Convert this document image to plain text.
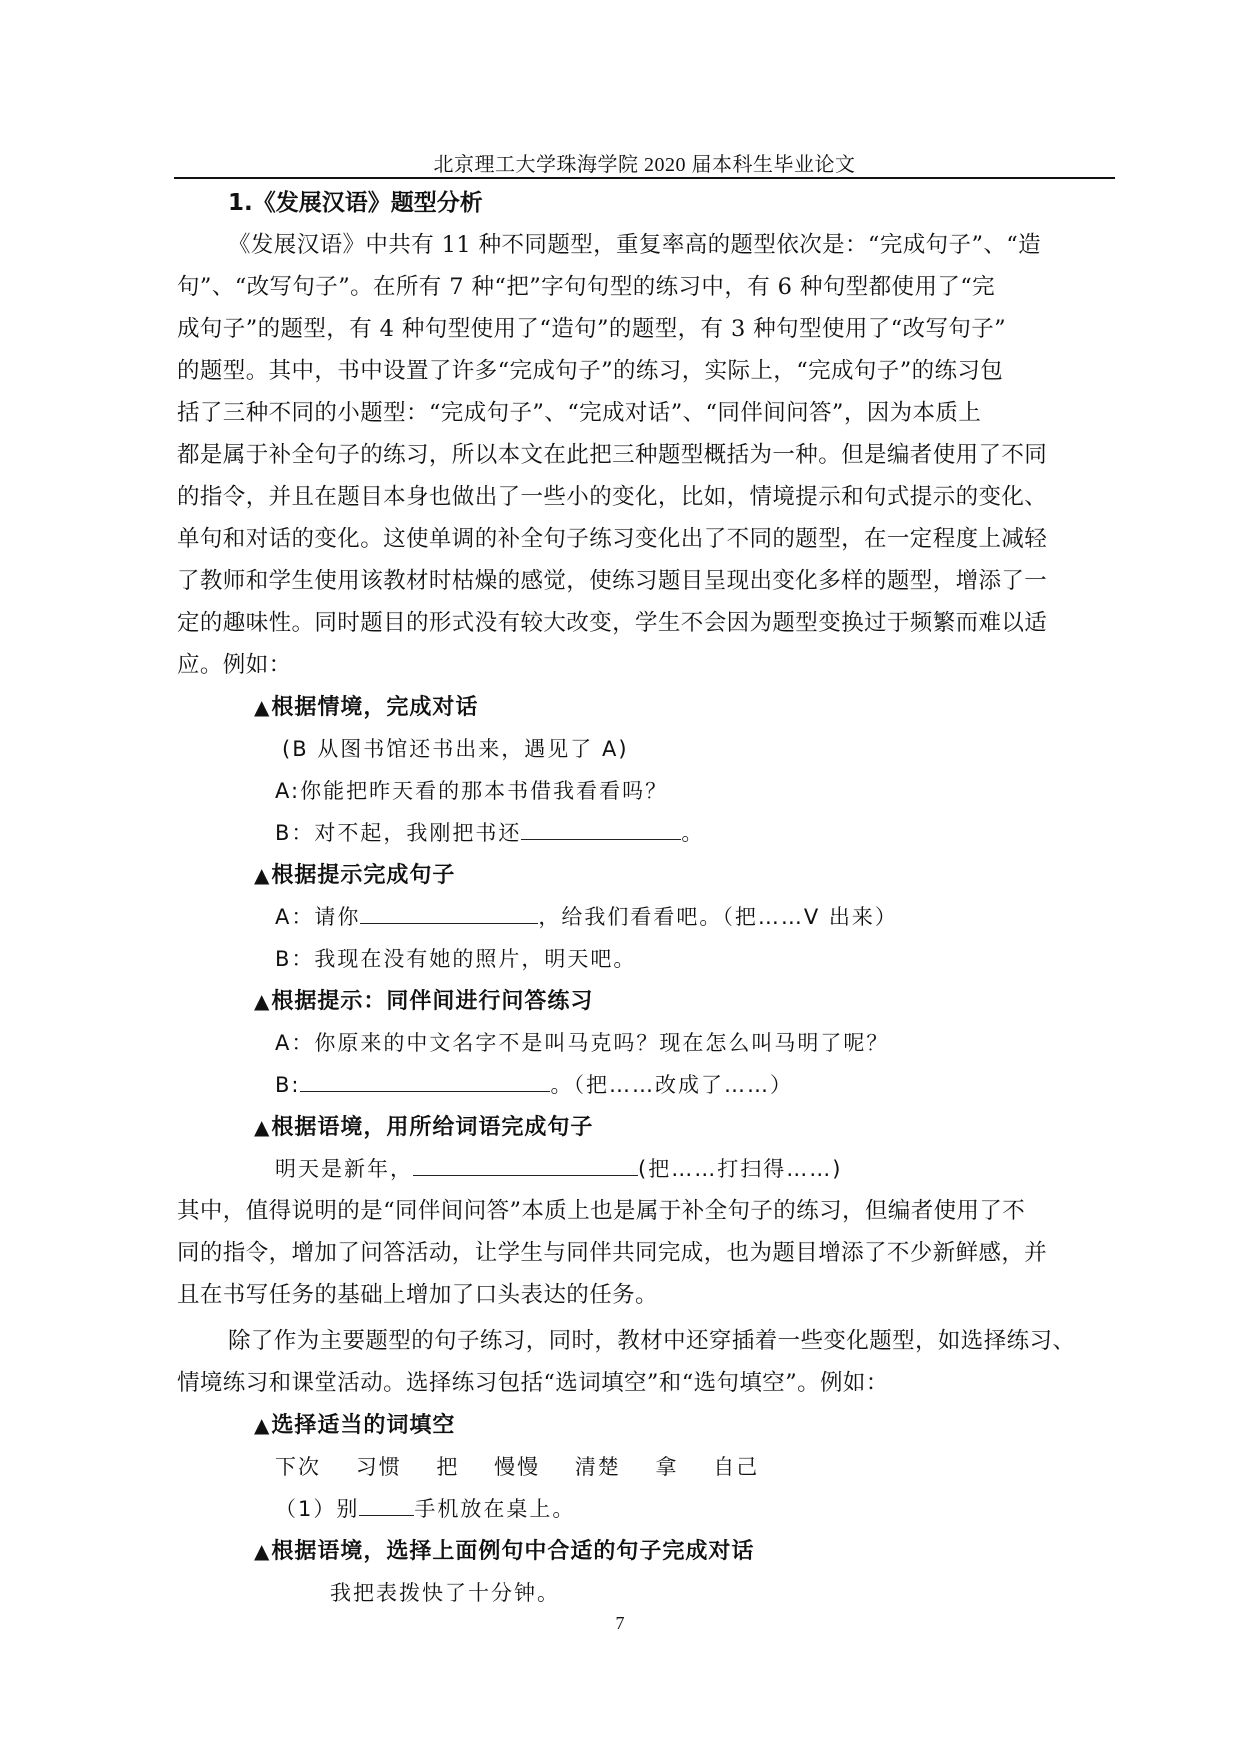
北京理工大学珠海学院 2020 届本科生毕业论文
1.《发展汉语》题型分析
《发展汉语》中共有 11 种不同题型，重复率高的题型依次是：“完成句子”、“造
句”、“改写句子”。在所有 7 种“把”字句句型的练习中，有 6 种句型都使用了“完
成句子”的题型，有 4 种句型使用了“造句”的题型，有 3 种句型使用了“改写句子”
的题型。其中，书中设置了许多“完成句子”的练习，实际上，“完成句子”的练习包
括了三种不同的小题型：“完成句子”、“完成对话”、“同伴间问答”，因为本质上
都是属于补全句子的练习，所以本文在此把三种题型概括为一种。但是编者使用了不同
的指令，并且在题目本身也做出了一些小的变化，比如，情境提示和句式提示的变化、
单句和对话的变化。这使单调的补全句子练习变化出了不同的题型，在一定程度上减轻
了教师和学生使用该教材时枯燥的感觉，使练习题目呈现出变化多样的题型，增添了一
定的趣味性。同时题目的形式没有较大改变，学生不会因为题型变换过于频繁而难以适
应。例如：
▲根据情境，完成对话
(B 从图书馆还书出来，遇见了 A)
A:你能把昨天看的那本书借我看看吗？
B：对不起，我刚把书还	。
▲根据提示完成句子
A：请你	，给我们看看吧。（把……V 出来）
B：我现在没有她的照片，明天吧。
▲根据提示：同伴间进行问答练习
A：你原来的中文名字不是叫马克吗？现在怎么叫马明了呢？
B:	。（把……改成了……）
▲根据语境，用所给词语完成句子
明天是新年，	(把……打扫得……)
其中，值得说明的是“同伴间问答”本质上也是属于补全句子的练习，但编者使用了不
同的指令，增加了问答活动，让学生与同伴共同完成，也为题目增添了不少新鲜感，并
且在书写任务的基础上增加了口头表达的任务。
除了作为主要题型的句子练习，同时，教材中还穿插着一些变化题型，如选择练习、
情境练习和课堂活动。选择练习包括“选词填空”和“选句填空”。例如：
▲选择适当的词填空
下次 习惯 把 慢慢 清楚 拿 自己
（1）别	手机放在桌上。
▲根据语境，选择上面例句中合适的句子完成对话
我把表拨快了十分钟。
7
